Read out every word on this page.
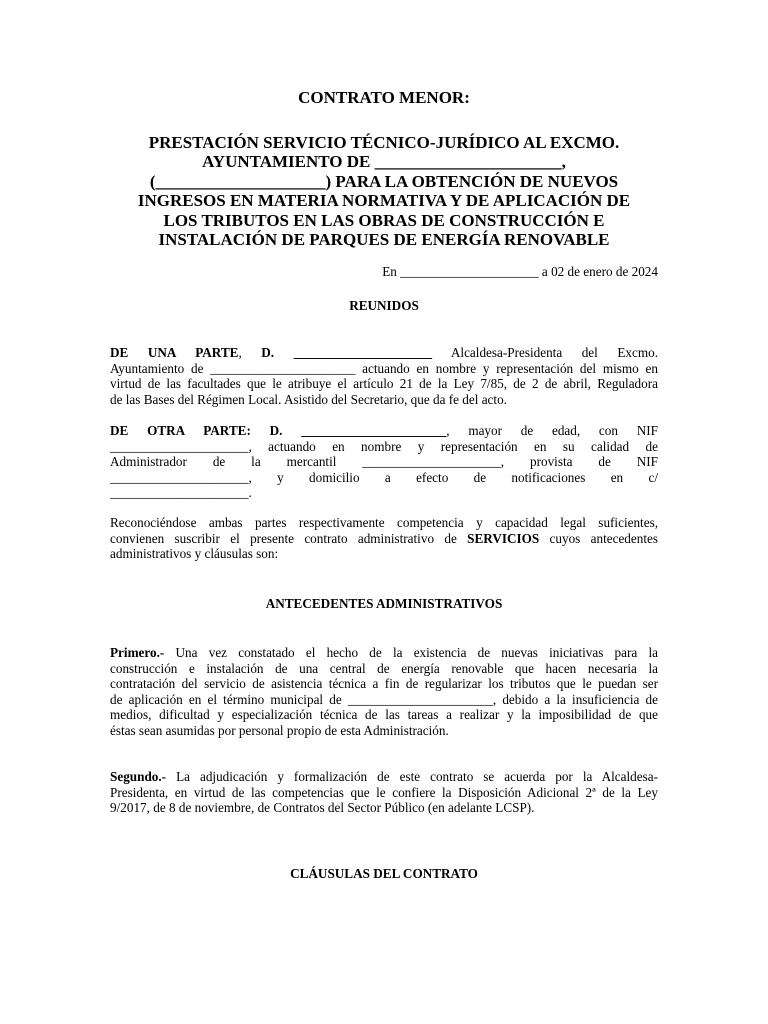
CONTRATO MENOR:
PRESTACIÓN SERVICIO TÉCNICO-JURÍDICO AL EXCMO.
AYUNTAMIENTO DE ______________________,
(____________________) PARA LA OBTENCIÓN DE NUEVOS
INGRESOS EN MATERIA NORMATIVA Y DE APLICACIÓN DE
LOS TRIBUTOS EN LAS OBRAS DE CONSTRUCCIÓN E
INSTALACIÓN DE PARQUES DE ENERGÍA RENOVABLE
En _____________________ a 02 de enero de 2024
REUNIDOS
DE UNA PARTE, D. _____________________ Alcaldesa-Presidenta del Excmo.
Ayuntamiento de ______________________ actuando en nombre y representación del mismo en
virtud de las facultades que le atribuye el artículo 21 de la Ley 7/85, de 2 de abril, Reguladora
de las Bases del Régimen Local. Asistido del Secretario, que da fe del acto.
DE OTRA PARTE: D. ______________________, mayor de edad, con NIF
_____________________, actuando en nombre y representación en su calidad de
Administrador de la mercantil _____________________, provista de NIF
_____________________, y domicilio a efecto de notificaciones en c/
_____________________.
Reconociéndose ambas partes respectivamente competencia y capacidad legal suficientes,
convienen suscribir el presente contrato administrativo de SERVICIOS cuyos antecedentes
administrativos y cláusulas son:
ANTECEDENTES ADMINISTRATIVOS
Primero.- Una vez constatado el hecho de la existencia de nuevas iniciativas para la
construcción e instalación de una central de energía renovable que hacen necesaria la
contratación del servicio de asistencia técnica a fin de regularizar los tributos que le puedan ser
de aplicación en el término municipal de ______________________, debido a la insuficiencia de
medios, dificultad y especialización técnica de las tareas a realizar y la imposibilidad de que
éstas sean asumidas por personal propio de esta Administración.
Segundo.- La adjudicación y formalización de este contrato se acuerda por la Alcaldesa-
Presidenta, en virtud de las competencias que le confiere la Disposición Adicional 2ª de la Ley
9/2017, de 8 de noviembre, de Contratos del Sector Público (en adelante LCSP).
CLÁUSULAS DEL CONTRATO
